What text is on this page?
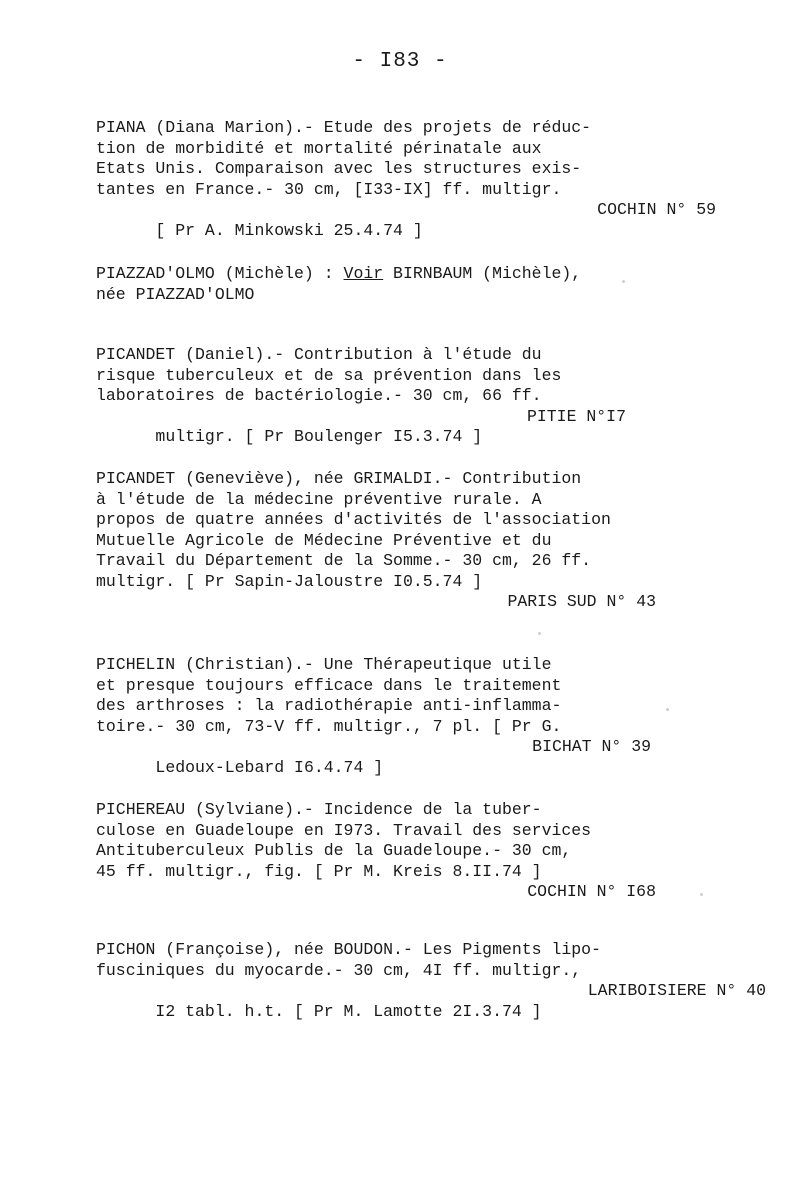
- I83 -
PIANA (Diana Marion).- Etude des projets de réduc-
tion de morbidité et mortalité périnatale aux
Etats Unis. Comparaison avec les structures exis-
tantes en France.- 30 cm, [I33-IX] ff. multigr.

[ Pr A. Minkowski 25.4.74 ]

COCHIN N° 59

PIAZZAD'OLMO (Michèle) : Voir BIRNBAUM (Michèle),
née PIAZZAD'OLMO
PICANDET (Daniel).- Contribution à l'étude du
risque tuberculeux et de sa prévention dans les
laboratoires de bactériologie.- 30 cm, 66 ff.

multigr. [ Pr Boulenger I5.3.74 ]

PITIE N°I7

PICANDET (Geneviève), née GRIMALDI.- Contribution
à l'étude de la médecine préventive rurale. A
propos de quatre années d'activités de l'association
Mutuelle Agricole de Médecine Préventive et du
Travail du Département de la Somme.- 30 cm, 26 ff.
multigr. [ Pr Sapin-Jaloustre I0.5.74 ]

PARIS SUD N° 43

PICHELIN (Christian).- Une Thérapeutique utile
et presque toujours efficace dans le traitement
des arthroses : la radiothérapie anti-inflamma-
toire.- 30 cm, 73-V ff. multigr., 7 pl. [ Pr G.

Ledoux-Lebard I6.4.74 ]

BICHAT N° 39

PICHEREAU (Sylviane).- Incidence de la tuber-
culose en Guadeloupe en I973. Travail des services
Antituberculeux Publis de la Guadeloupe.- 30 cm,
45 ff. multigr., fig. [ Pr M. Kreis 8.II.74 ]

COCHIN N° I68

PICHON (Françoise), née BOUDON.- Les Pigments lipo-
fusciniques du myocarde.- 30 cm, 4I ff. multigr.,

I2 tabl. h.t. [ Pr M. Lamotte 2I.3.74 ]

LARIBOISIERE N° 40
